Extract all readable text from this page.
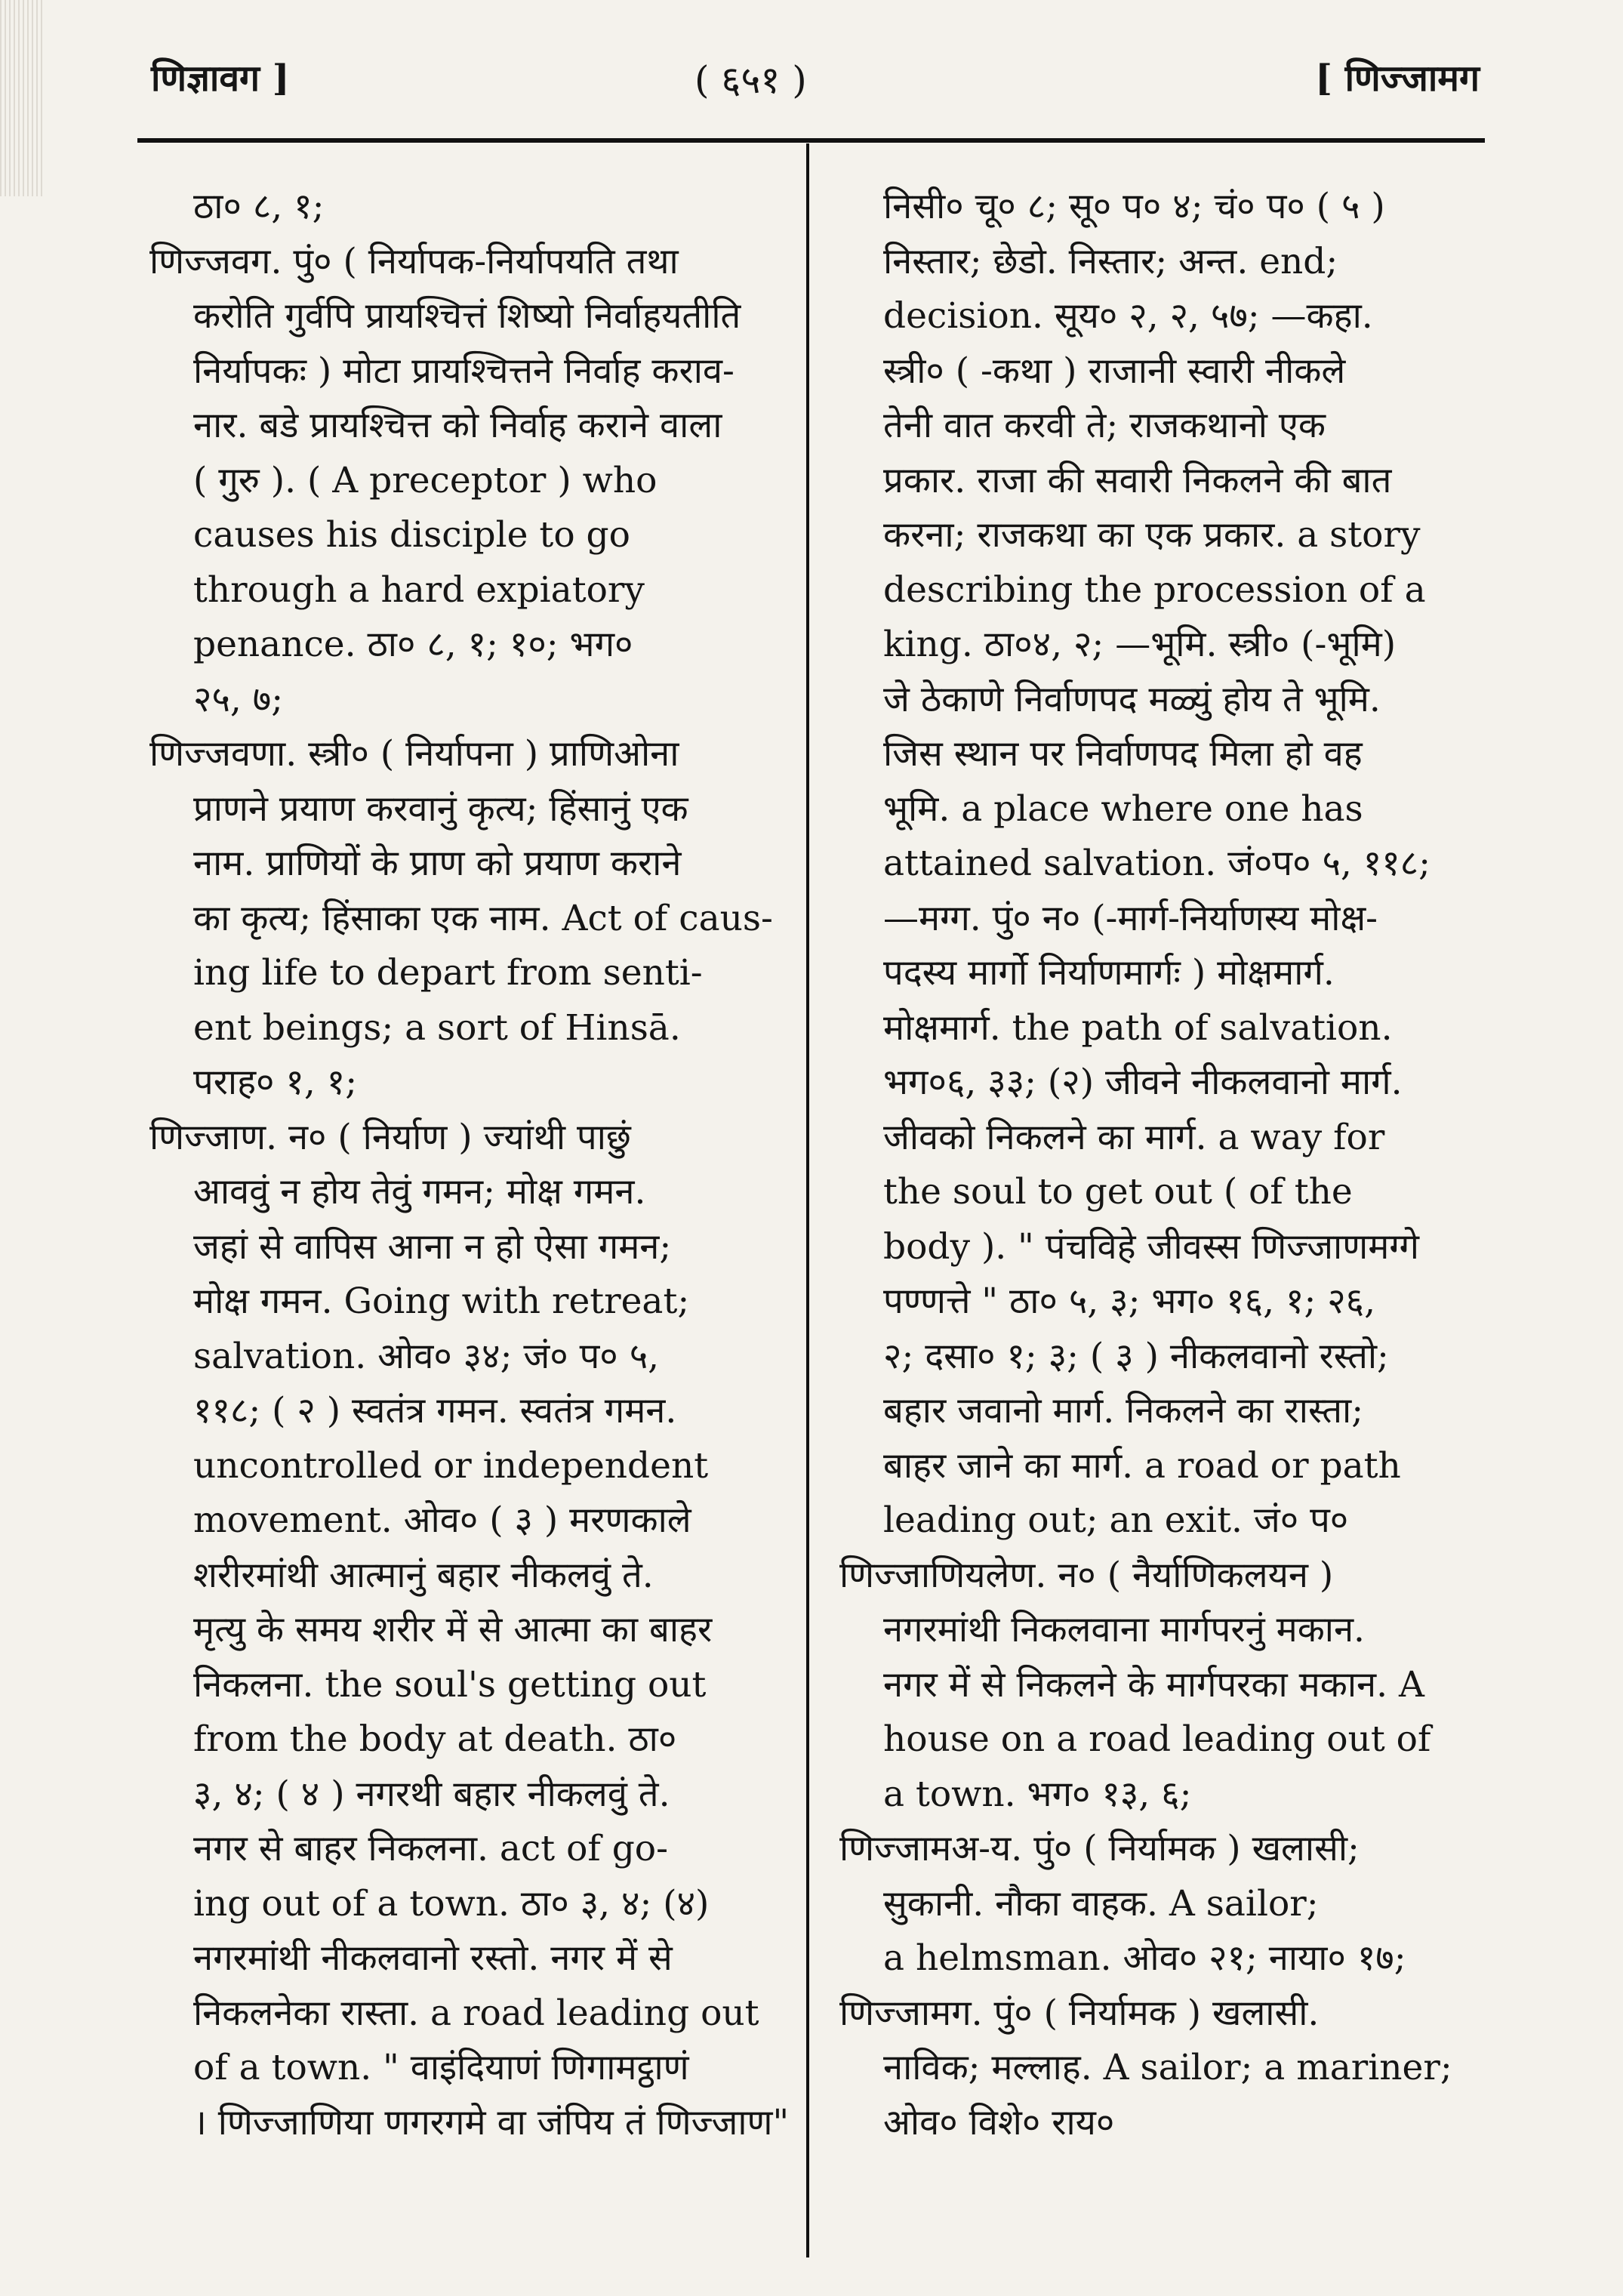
णिज्ञावग ]	( ६५१ )	[ णिज्जामग
ठा० ८, १;
णिज्जवग. पुं० ( निर्यापक-निर्यापयति तथा
करोति गुर्वपि प्रायश्चित्तं शिष्यो निर्वाहयतीति
निर्यापकः ) मोटा प्रायश्चित्तने निर्वाह कराव-
नार. बडे प्रायश्चित्त को निर्वाह कराने वाला
( गुरु ). ( A preceptor ) who
causes his disciple to go
through a hard expiatory
penance. ठा० ८, १; १०; भग०
२५, ७;
णिज्जवणा. स्त्री० ( निर्यापना ) प्राणिओना
प्राणने प्रयाण करवानुं कृत्य; हिंसानुं एक
नाम. प्राणियों के प्राण को प्रयाण कराने
का कृत्य; हिंसाका एक नाम. Act of caus-
ing life to depart from senti-
ent beings; a sort of Hinsā.
पराह० १, १;
णिज्जाण. न० ( निर्याण ) ज्यांथी पाछुं
आववुं न होय तेवुं गमन; मोक्ष गमन.
जहां से वापिस आना न हो ऐसा गमन;
मोक्ष गमन. Going with retreat;
salvation. ओव० ३४; जं० प० ५,
११८; ( २ ) स्वतंत्र गमन. स्वतंत्र गमन.
uncontrolled or independent
movement. ओव० ( ३ ) मरणकाले
शरीरमांथी आत्मानुं बहार नीकलवुं ते.
मृत्यु के समय शरीर में से आत्मा का बाहर
निकलना. the soul's getting out
from the body at death. ठा०
३, ४; ( ४ ) नगरथी बहार नीकलवुं ते.
नगर से बाहर निकलना. act of go-
ing out of a town. ठा० ३, ४; (४)
नगरमांथी नीकलवानो रस्तो. नगर में से
निकलनेका रास्ता. a road leading out
of a town. " वाइंदियाणं णिगामट्ठाणं
। णिज्जाणिया णगरगमे वा जंपिय तं णिज्जाण"
निसी० चू० ८; सू० प० ४; चं० प० ( ५ )
निस्तार; छेडो. निस्तार; अन्त. end;
decision. सूय० २, २, ५७; —कहा.
स्त्री० ( -कथा ) राजानी स्वारी नीकले
तेनी वात करवी ते; राजकथानो एक
प्रकार. राजा की सवारी निकलने की बात
करना; राजकथा का एक प्रकार. a story
describing the procession of a
king. ठा०४, २; —भूमि. स्त्री० (-भूमि)
जे ठेकाणे निर्वाणपद मळ्युं होय ते भूमि.
जिस स्थान पर निर्वाणपद मिला हो वह
भूमि. a place where one has
attained salvation. जं०प० ५, ११८;
—मग्ग. पुं० न० (-मार्ग-निर्याणस्य मोक्ष-
पदस्य मार्गो निर्याणमार्गः ) मोक्षमार्ग.
मोक्षमार्ग. the path of salvation.
भग०६, ३३; (२) जीवने नीकलवानो मार्ग.
जीवको निकलने का मार्ग. a way for
the soul to get out ( of the
body ). " पंचविहे जीवस्स णिज्जाणमग्गे
पण्णत्ते " ठा० ५, ३; भग० १६, १; २६,
२; दसा० १; ३; ( ३ ) नीकलवानो रस्तो;
बहार जवानो मार्ग. निकलने का रास्ता;
बाहर जाने का मार्ग. a road or path
leading out; an exit. जं० प०
णिज्जाणियलेण. न० ( नैर्याणिकलयन )
नगरमांथी निकलवाना मार्गपरनुं मकान.
नगर में से निकलने के मार्गपरका मकान. A
house on a road leading out of
a town. भग० १३, ६;
णिज्जामअ-य. पुं० ( निर्यामक ) खलासी;
सुकानी. नौका वाहक. A sailor;
a helmsman. ओव० २१; नाया० १७;
णिज्जामग. पुं० ( निर्यामक ) खलासी.
नाविक; मल्लाह. A sailor; a mariner;
ओव० विशे० राय०
